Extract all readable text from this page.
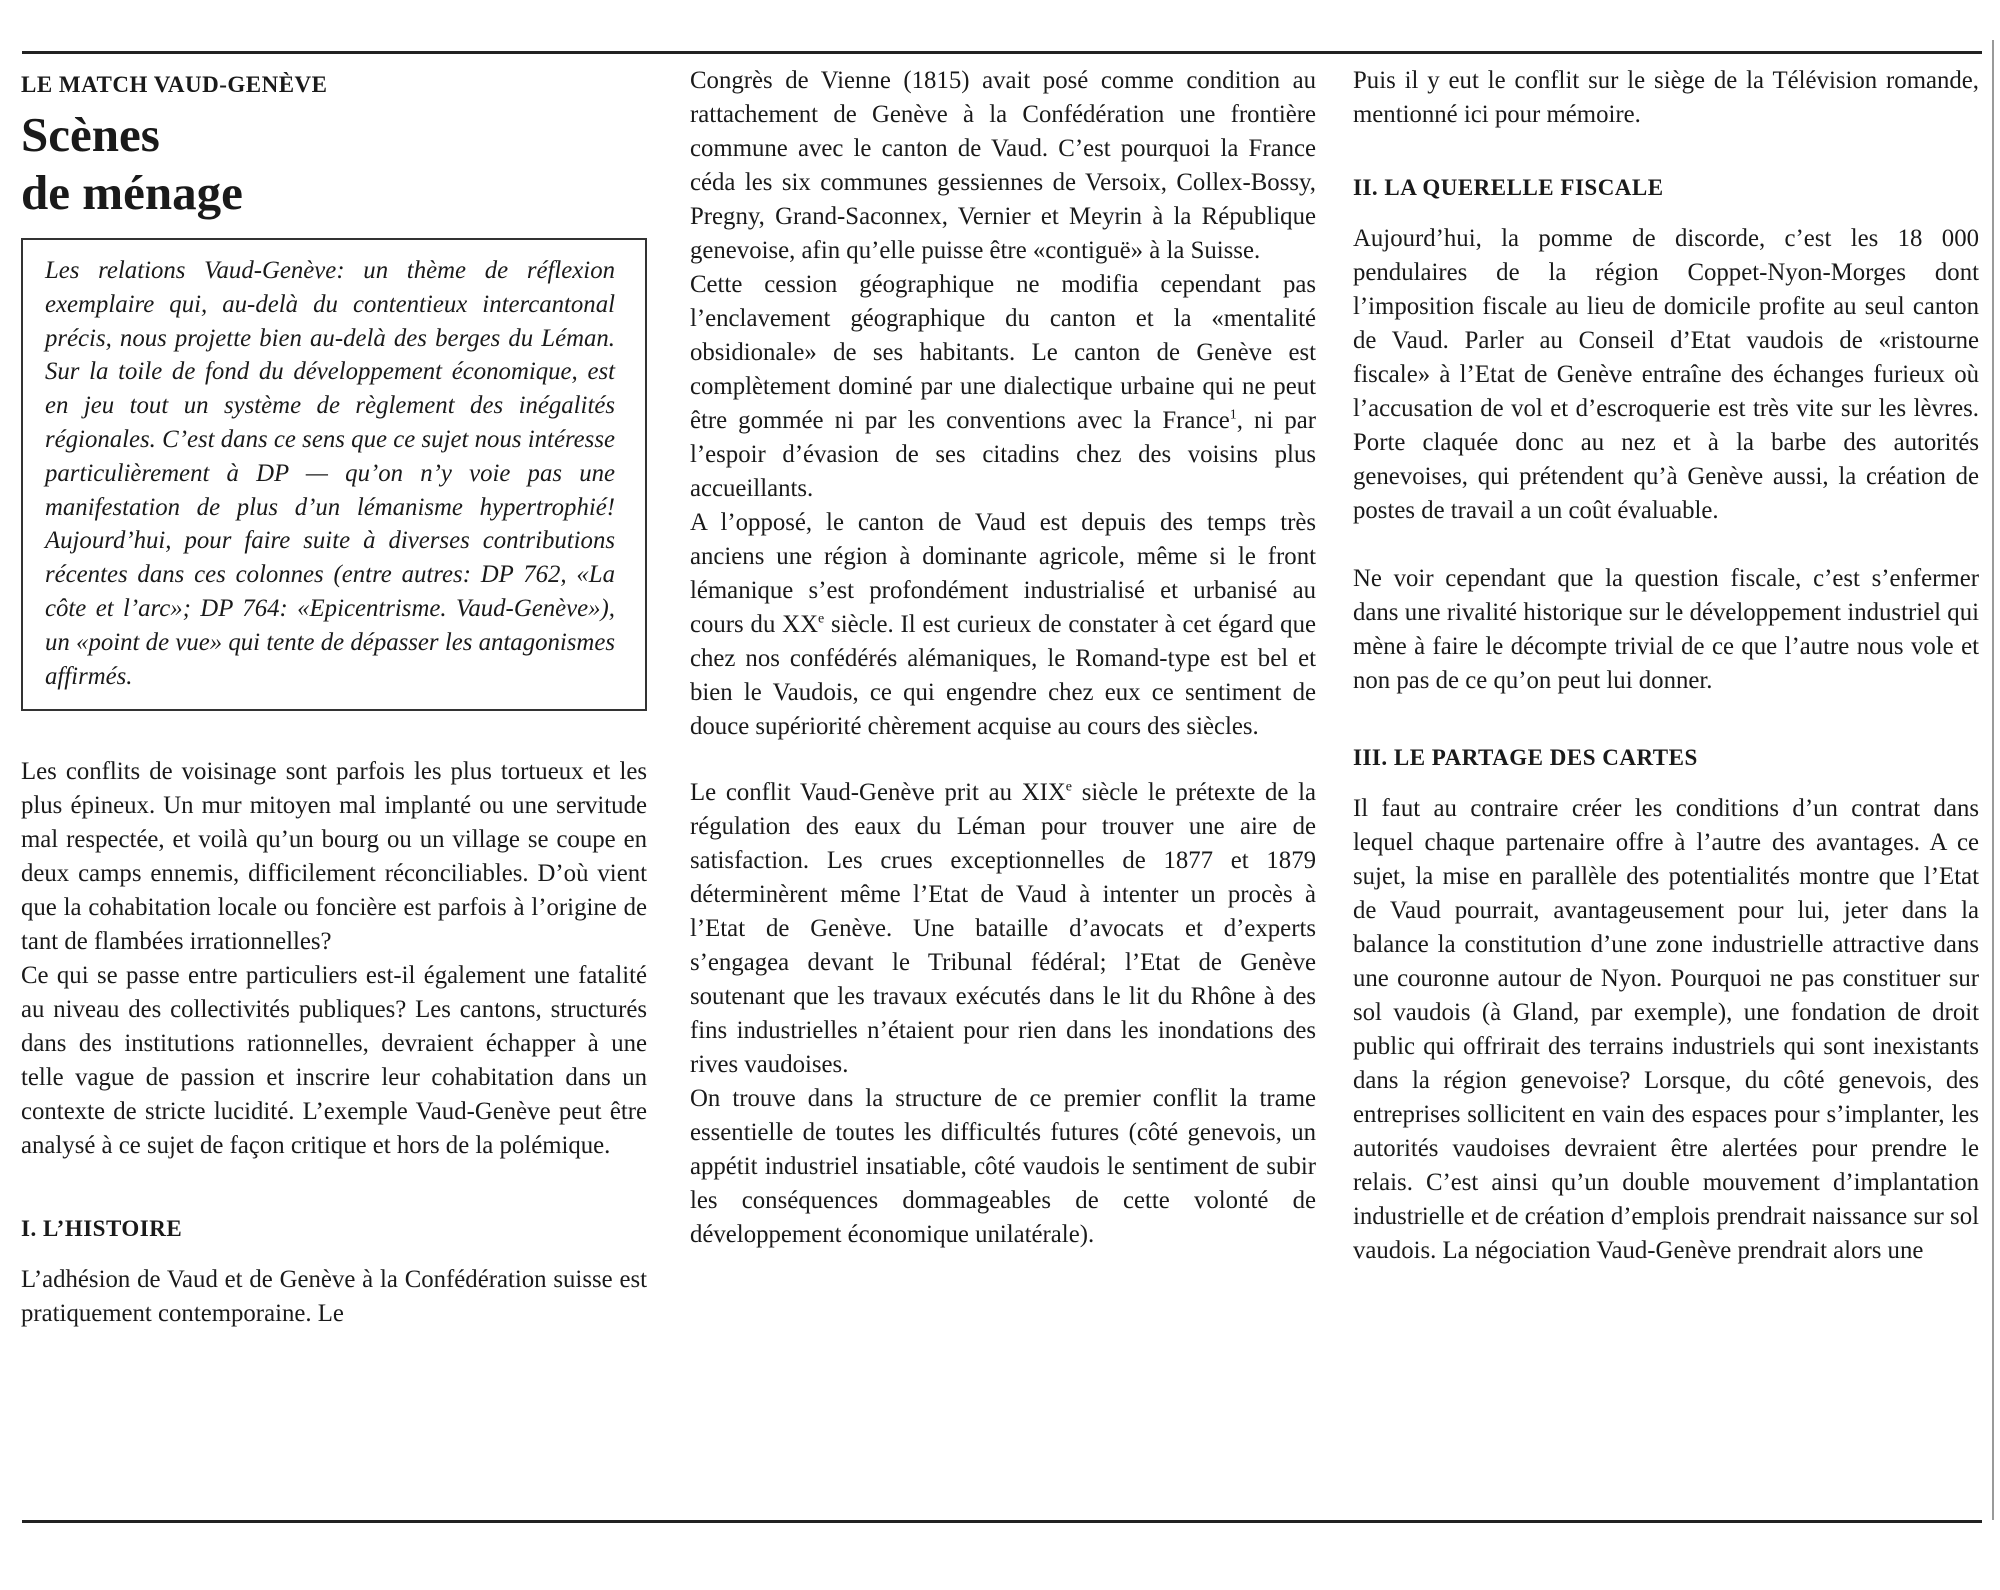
LE MATCH VAUD-GENÈVE
Scènes
de ménage
Les relations Vaud-Genève: un thème de réflexion exemplaire qui, au-delà du contentieux intercantonal précis, nous projette bien au-delà des berges du Léman. Sur la toile de fond du développement économique, est en jeu tout un système de règlement des inégalités régionales. C’est dans ce sens que ce sujet nous intéresse particulièrement à DP — qu’on n’y voie pas une manifestation de plus d’un lémanisme hypertrophié! Aujourd’hui, pour faire suite à diverses contributions récentes dans ces colonnes (entre autres: DP 762, «La côte et l’arc»; DP 764: «Epicentrisme. Vaud-Genève»), un «point de vue» qui tente de dépasser les antagonismes affirmés.

Les conflits de voisinage sont parfois les plus tortueux et les plus épineux. Un mur mitoyen mal implanté ou une servitude mal respectée, et voilà qu’un bourg ou un village se coupe en deux camps ennemis, difficilement réconciliables. D’où vient que la cohabitation locale ou foncière est parfois à l’origine de tant de flambées irrationnelles?

Ce qui se passe entre particuliers est-il également une fatalité au niveau des collectivités publiques? Les cantons, structurés dans des institutions rationnelles, devraient échapper à une telle vague de passion et inscrire leur cohabitation dans un contexte de stricte lucidité. L’exemple Vaud-Genève peut être analysé à ce sujet de façon critique et hors de la polémique.

I. L’HISTOIRE

L’adhésion de Vaud et de Genève à la Confédération suisse est pratiquement contemporaine. Le

Congrès de Vienne (1815) avait posé comme condition au rattachement de Genève à la Confédération une frontière commune avec le canton de Vaud. C’est pourquoi la France céda les six communes gessiennes de Versoix, Collex-Bossy, Pregny, Grand-Saconnex, Vernier et Meyrin à la République genevoise, afin qu’elle puisse être «contiguë» à la Suisse.

Cette cession géographique ne modifia cependant pas l’enclavement géographique du canton et la «mentalité obsidionale» de ses habitants. Le canton de Genève est complètement dominé par une dialectique urbaine qui ne peut être gommée ni par les conventions avec la France$^1$, ni par l’espoir d’évasion de ses citadins chez des voisins plus accueillants.

A l’opposé, le canton de Vaud est depuis des temps très anciens une région à dominante agricole, même si le front lémanique s’est profondément industrialisé et urbanisé au cours du XXe siècle. Il est curieux de constater à cet égard que chez nos confédérés alémaniques, le Romand-type est bel et bien le Vaudois, ce qui engendre chez eux ce sentiment de douce supériorité chèrement acquise au cours des siècles.

Le conflit Vaud-Genève prit au XIXe siècle le prétexte de la régulation des eaux du Léman pour trouver une aire de satisfaction. Les crues exceptionnelles de 1877 et 1879 déterminèrent même l’Etat de Vaud à intenter un procès à l’Etat de Genève. Une bataille d’avocats et d’experts s’engagea devant le Tribunal fédéral; l’Etat de Genève soutenant que les travaux exécutés dans le lit du Rhône à des fins industrielles n’étaient pour rien dans les inondations des rives vaudoises.

On trouve dans la structure de ce premier conflit la trame essentielle de toutes les difficultés futures (côté genevois, un appétit industriel insatiable, côté vaudois le sentiment de subir les conséquences dommageables de cette volonté de développement économique unilatérale).

Puis il y eut le conflit sur le siège de la Télévision romande, mentionné ici pour mémoire.

II. LA QUERELLE FISCALE

Aujourd’hui, la pomme de discorde, c’est les 18 000 pendulaires de la région Coppet-Nyon-Morges dont l’imposition fiscale au lieu de domicile profite au seul canton de Vaud. Parler au Conseil d’Etat vaudois de «ristourne fiscale» à l’Etat de Genève entraîne des échanges furieux où l’accusation de vol et d’escroquerie est très vite sur les lèvres. Porte claquée donc au nez et à la barbe des autorités genevoises, qui prétendent qu’à Genève aussi, la création de postes de travail a un coût évaluable.

Ne voir cependant que la question fiscale, c’est s’enfermer dans une rivalité historique sur le développement industriel qui mène à faire le décompte trivial de ce que l’autre nous vole et non pas de ce qu’on peut lui donner.

III. LE PARTAGE DES CARTES

Il faut au contraire créer les conditions d’un contrat dans lequel chaque partenaire offre à l’autre des avantages. A ce sujet, la mise en parallèle des potentialités montre que l’Etat de Vaud pourrait, avantageusement pour lui, jeter dans la balance la constitution d’une zone industrielle attractive dans une couronne autour de Nyon. Pourquoi ne pas constituer sur sol vaudois (à Gland, par exemple), une fondation de droit public qui offrirait des terrains industriels qui sont inexistants dans la région genevoise? Lorsque, du côté genevois, des entreprises sollicitent en vain des espaces pour s’implanter, les autorités vaudoises devraient être alertées pour prendre le relais. C’est ainsi qu’un double mouvement d’implantation industrielle et de création d’emplois prendrait naissance sur sol vaudois. La négociation Vaud-Genève prendrait alors une
